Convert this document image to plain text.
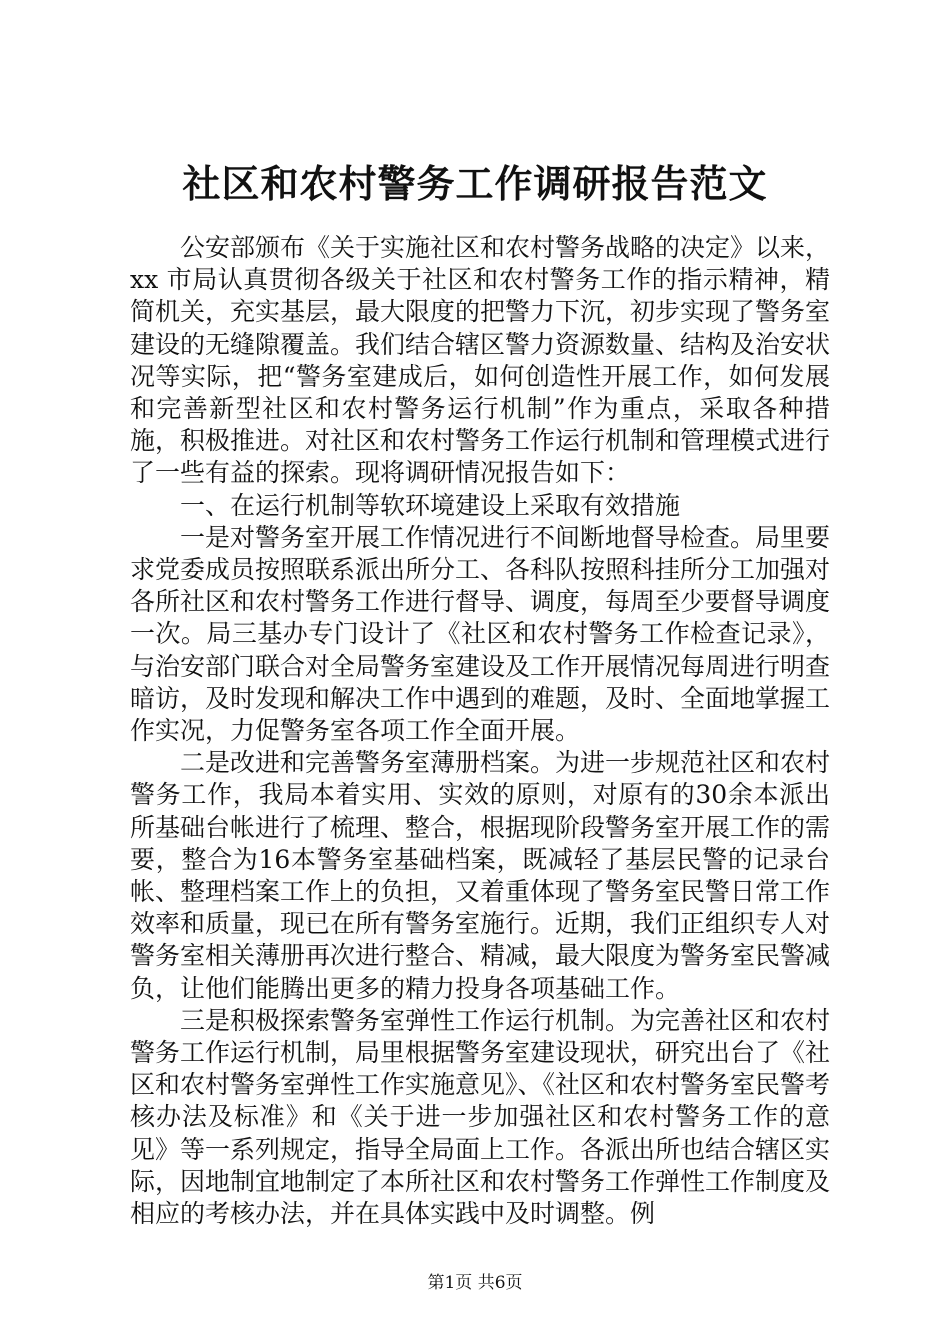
社区和农村警务工作调研报告范文

公安部颁布《关于实施社区和农村警务战略的决定》以来，xx 市局认真贯彻各级关于社区和农村警务工作的指示精神，精简机关，充实基层，最大限度的把警力下沉，初步实现了警务室建设的无缝隙覆盖。我们结合辖区警力资源数量、结构及治安状况等实际，把“警务室建成后，如何创造性开展工作，如何发展和完善新型社区和农村警务运行机制”作为重点，采取各种措施，积极推进。对社区和农村警务工作运行机制和管理模式进行了一些有益的探索。现将调研情况报告如下：

一、在运行机制等软环境建设上采取有效措施

一是对警务室开展工作情况进行不间断地督导检查。局里要求党委成员按照联系派出所分工、各科队按照科挂所分工加强对各所社区和农村警务工作进行督导、调度，每周至少要督导调度一次。局三基办专门设计了《社区和农村警务工作检查记录》，与治安部门联合对全局警务室建设及工作开展情况每周进行明查暗访，及时发现和解决工作中遇到的难题，及时、全面地掌握工作实况，力促警务室各项工作全面开展。

二是改进和完善警务室薄册档案。为进一步规范社区和农村警务工作，我局本着实用、实效的原则，对原有的30余本派出所基础台帐进行了梳理、整合，根据现阶段警务室开展工作的需要，整合为16本警务室基础档案，既减轻了基层民警的记录台帐、整理档案工作上的负担，又着重体现了警务室民警日常工作效率和质量，现已在所有警务室施行。近期，我们正组织专人对警务室相关薄册再次进行整合、精减，最大限度为警务室民警减负，让他们能腾出更多的精力投身各项基础工作。

三是积极探索警务室弹性工作运行机制。为完善社区和农村警务工作运行机制，局里根据警务室建设现状，研究出台了《社区和农村警务室弹性工作实施意见》、《社区和农村警务室民警考核办法及标准》和《关于进一步加强社区和农村警务工作的意见》等一系列规定，指导全局面上工作。各派出所也结合辖区实际，因地制宜地制定了本所社区和农村警务工作弹性工作制度及相应的考核办法，并在具体实践中及时调整。例

第1页 共6页
